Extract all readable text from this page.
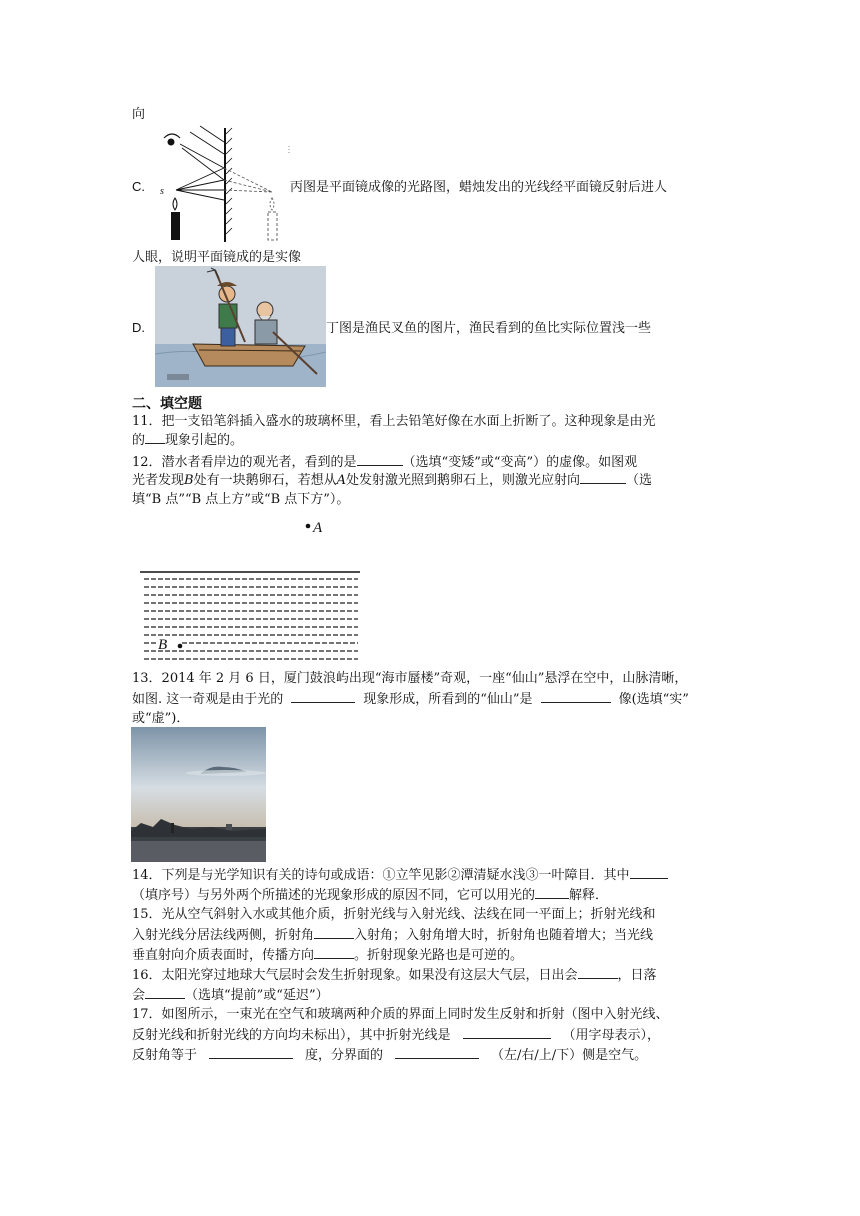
向
C. s	丙图是平面镜成像的光路图，蜡烛发出的光线经平面镜反射后进人
人眼，说明平面镜成的是实像
D.	丁图是渔民叉鱼的图片，渔民看到的鱼比实际位置浅一些
二、填空题
11．把一支铅笔斜插入盛水的玻璃杯里，看上去铅笔好像在水面上折断了。这种现象是由光
的 现象引起的。
12．潜水者看岸边的观光者，看到的是	（选填“变矮”或“变高”）的虚像。如图观
光者发现B处有一块鹅卵石，若想从A处发射激光照到鹅卵石上，则激光应射向	（选
填“B 点”“B 点上方”或“B 点下方”）。
A
B
13．2014 年 2 月 6 日，厦门鼓浪屿出现“海市蜃楼”奇观，一座“仙山”悬浮在空中，山脉清晰，
如图. 这一奇观是由于光的	现象形成，所看到的“仙山”是	像(选填“实”
或“虚”)．
14．下列是与光学知识有关的诗句或成语：①立竿见影②潭清疑水浅③一叶障目．其中
（填序号）与另外两个所描述的光现象形成的原因不同，它可以用光的	解释．
15．光从空气斜射入水或其他介质，折射光线与入射光线、法线在同一平面上；折射光线和
入射光线分居法线两侧，折射角	入射角；入射角增大时，折射角也随着增大；当光线
垂直射向介质表面时，传播方向	。折射现象光路也是可逆的。
16．太阳光穿过地球大气层时会发生折射现象。如果没有这层大气层，日出会	，日落
会	（选填“提前”或“延迟”）
17．如图所示，一束光在空气和玻璃两种介质的界面上同时发生反射和折射（图中入射光线、
反射光线和折射光线的方向均未标出），其中折射光线是	（用字母表示），
反射角等于	度，分界面的	（左/右/上/下）侧是空气。
